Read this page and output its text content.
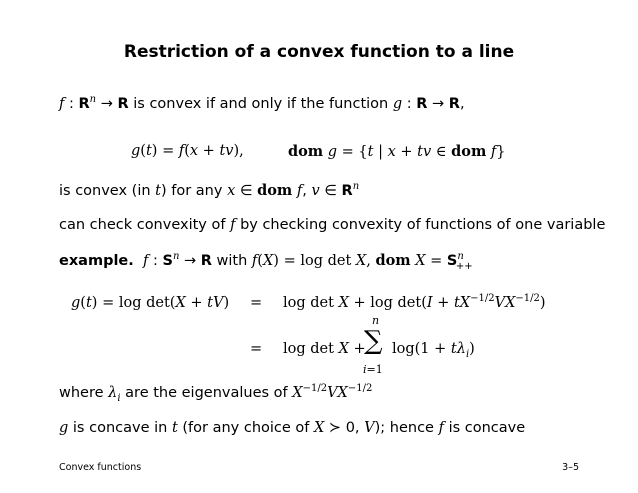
Restriction of a convex function to a line
f : $R^n \to R$ is convex if and only if the function g : R → R,
g(t) = f(x + tv),	dom g = {t | x + tv ∈ dom f}
is convex (in t) for any x ∈ dom f, v ∈ $R^n$
can check convexity of f by checking convexity of functions of one variable
example. f : $S^n \to R$ with f(X) = log det X, dom $X = S^n_{++}$
$g(t) = \log \det(X + tV) = \log \det X + \log \det(I + tX^{-1/2}VX^{-1/2})$
= log det X +
n
∑
i=1
$\log(1 + t\lambda_i)$
where $\lambda_i$ are the eigenvalues of $X^{-1/2}VX^{-1/2}$
g is concave in t (for any choice of X ≻ 0, V); hence f is concave
Convex functions	3–5
